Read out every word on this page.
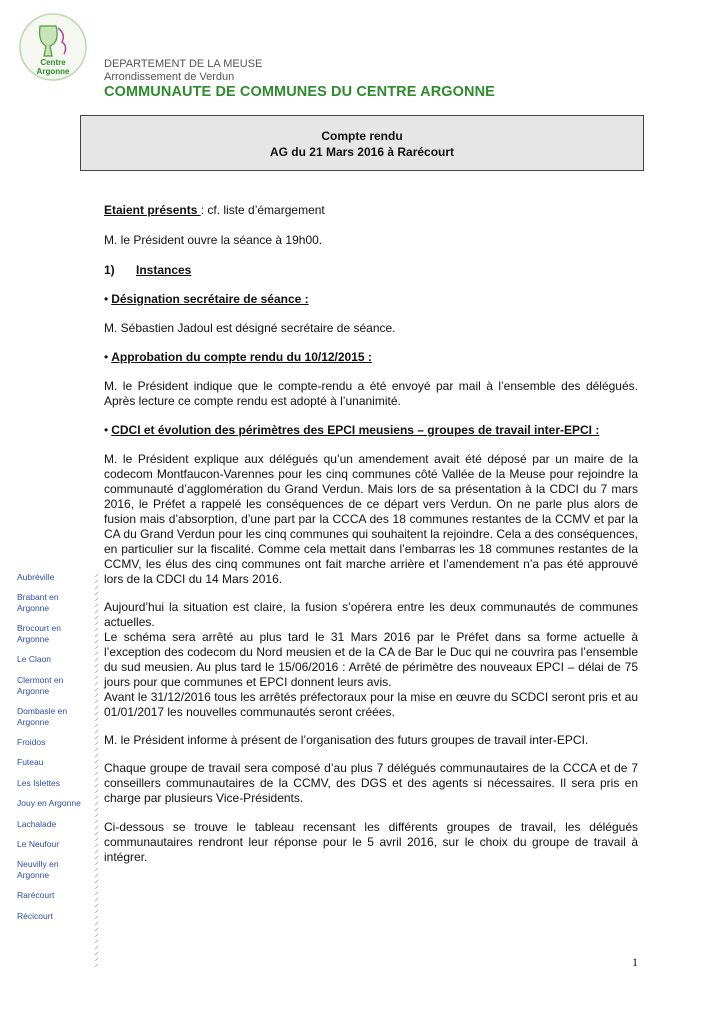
Centre
Argonne
DEPARTEMENT DE LA MEUSE
Arrondissement de Verdun
COMMUNAUTE DE COMMUNES DU CENTRE ARGONNE
Compte rendu
AG du 21 Mars 2016 à Rarécourt
Etaient présents : cf. liste d’émargement
M. le Président ouvre la séance à 19h00.
1) Instances
• Désignation secrétaire de séance :
M. Sébastien Jadoul est désigné secrétaire de séance.
• Approbation du compte rendu du 10/12/2015 :
M. le Président indique que le compte-rendu a été envoyé par mail à l’ensemble des délégués. Après lecture ce compte rendu est adopté à l’unanimité.
• CDCI et évolution des périmètres des EPCI meusiens – groupes de travail inter-EPCI :
M. le Président explique aux délégués qu’un amendement avait été déposé par un maire de la codecom Montfaucon-Varennes pour les cinq communes côté Vallée de la Meuse pour rejoindre la communauté d’agglomération du Grand Verdun. Mais lors de sa présentation à la CDCI du 7 mars 2016, le Préfet a rappelé les conséquences de ce départ vers Verdun. On ne parle plus alors de fusion mais d’absorption, d’une part par la CCCA des 18 communes restantes de la CCMV et par la CA du Grand Verdun pour les cinq communes qui souhaitent la rejoindre. Cela a des conséquences, en particulier sur la fiscalité. Comme cela mettait dans l’embarras les 18 communes restantes de la CCMV, les élus des cinq communes ont fait marche arrière et l’amendement n’a pas été approuvé lors de la CDCI du 14 Mars 2016.
Aujourd’hui la situation est claire, la fusion s’opérera entre les deux communautés de communes actuelles.
Le schéma sera arrêté au plus tard le 31 Mars 2016 par le Préfet dans sa forme actuelle à l’exception des codecom du Nord meusien et de la CA de Bar le Duc qui ne couvrira pas l’ensemble du sud meusien. Au plus tard le 15/06/2016 : Arrêté de périmètre des nouveaux EPCI – délai de 75 jours pour que communes et EPCI donnent leurs avis.
Avant le 31/12/2016 tous les arrêtés préfectoraux pour la mise en œuvre du SCDCI seront pris et au 01/01/2017 les nouvelles communautés seront créées.
M. le Président informe à présent de l’organisation des futurs groupes de travail inter-EPCI.
Chaque groupe de travail sera composé d’au plus 7 délégués communautaires de la CCCA et de 7 conseillers communautaires de la CCMV, des DGS et des agents si nécessaires. Il sera pris en charge par plusieurs Vice-Présidents.
Ci-dessous se trouve le tableau recensant les différents groupes de travail, les délégués communautaires rendront leur réponse pour le 5 avril 2016, sur le choix du groupe de travail à intégrer.
Aubréville
Brabant en Argonne
Brocourt en Argonne
Le Claon
Clermont en Argonne
Dombasle en Argonne
Froidos
Futeau
Les Islettes
Jouy en Argonne
Lachalade
Le Neufour
Neuvilly en Argonne
Rarécourt
Récicourt
1
